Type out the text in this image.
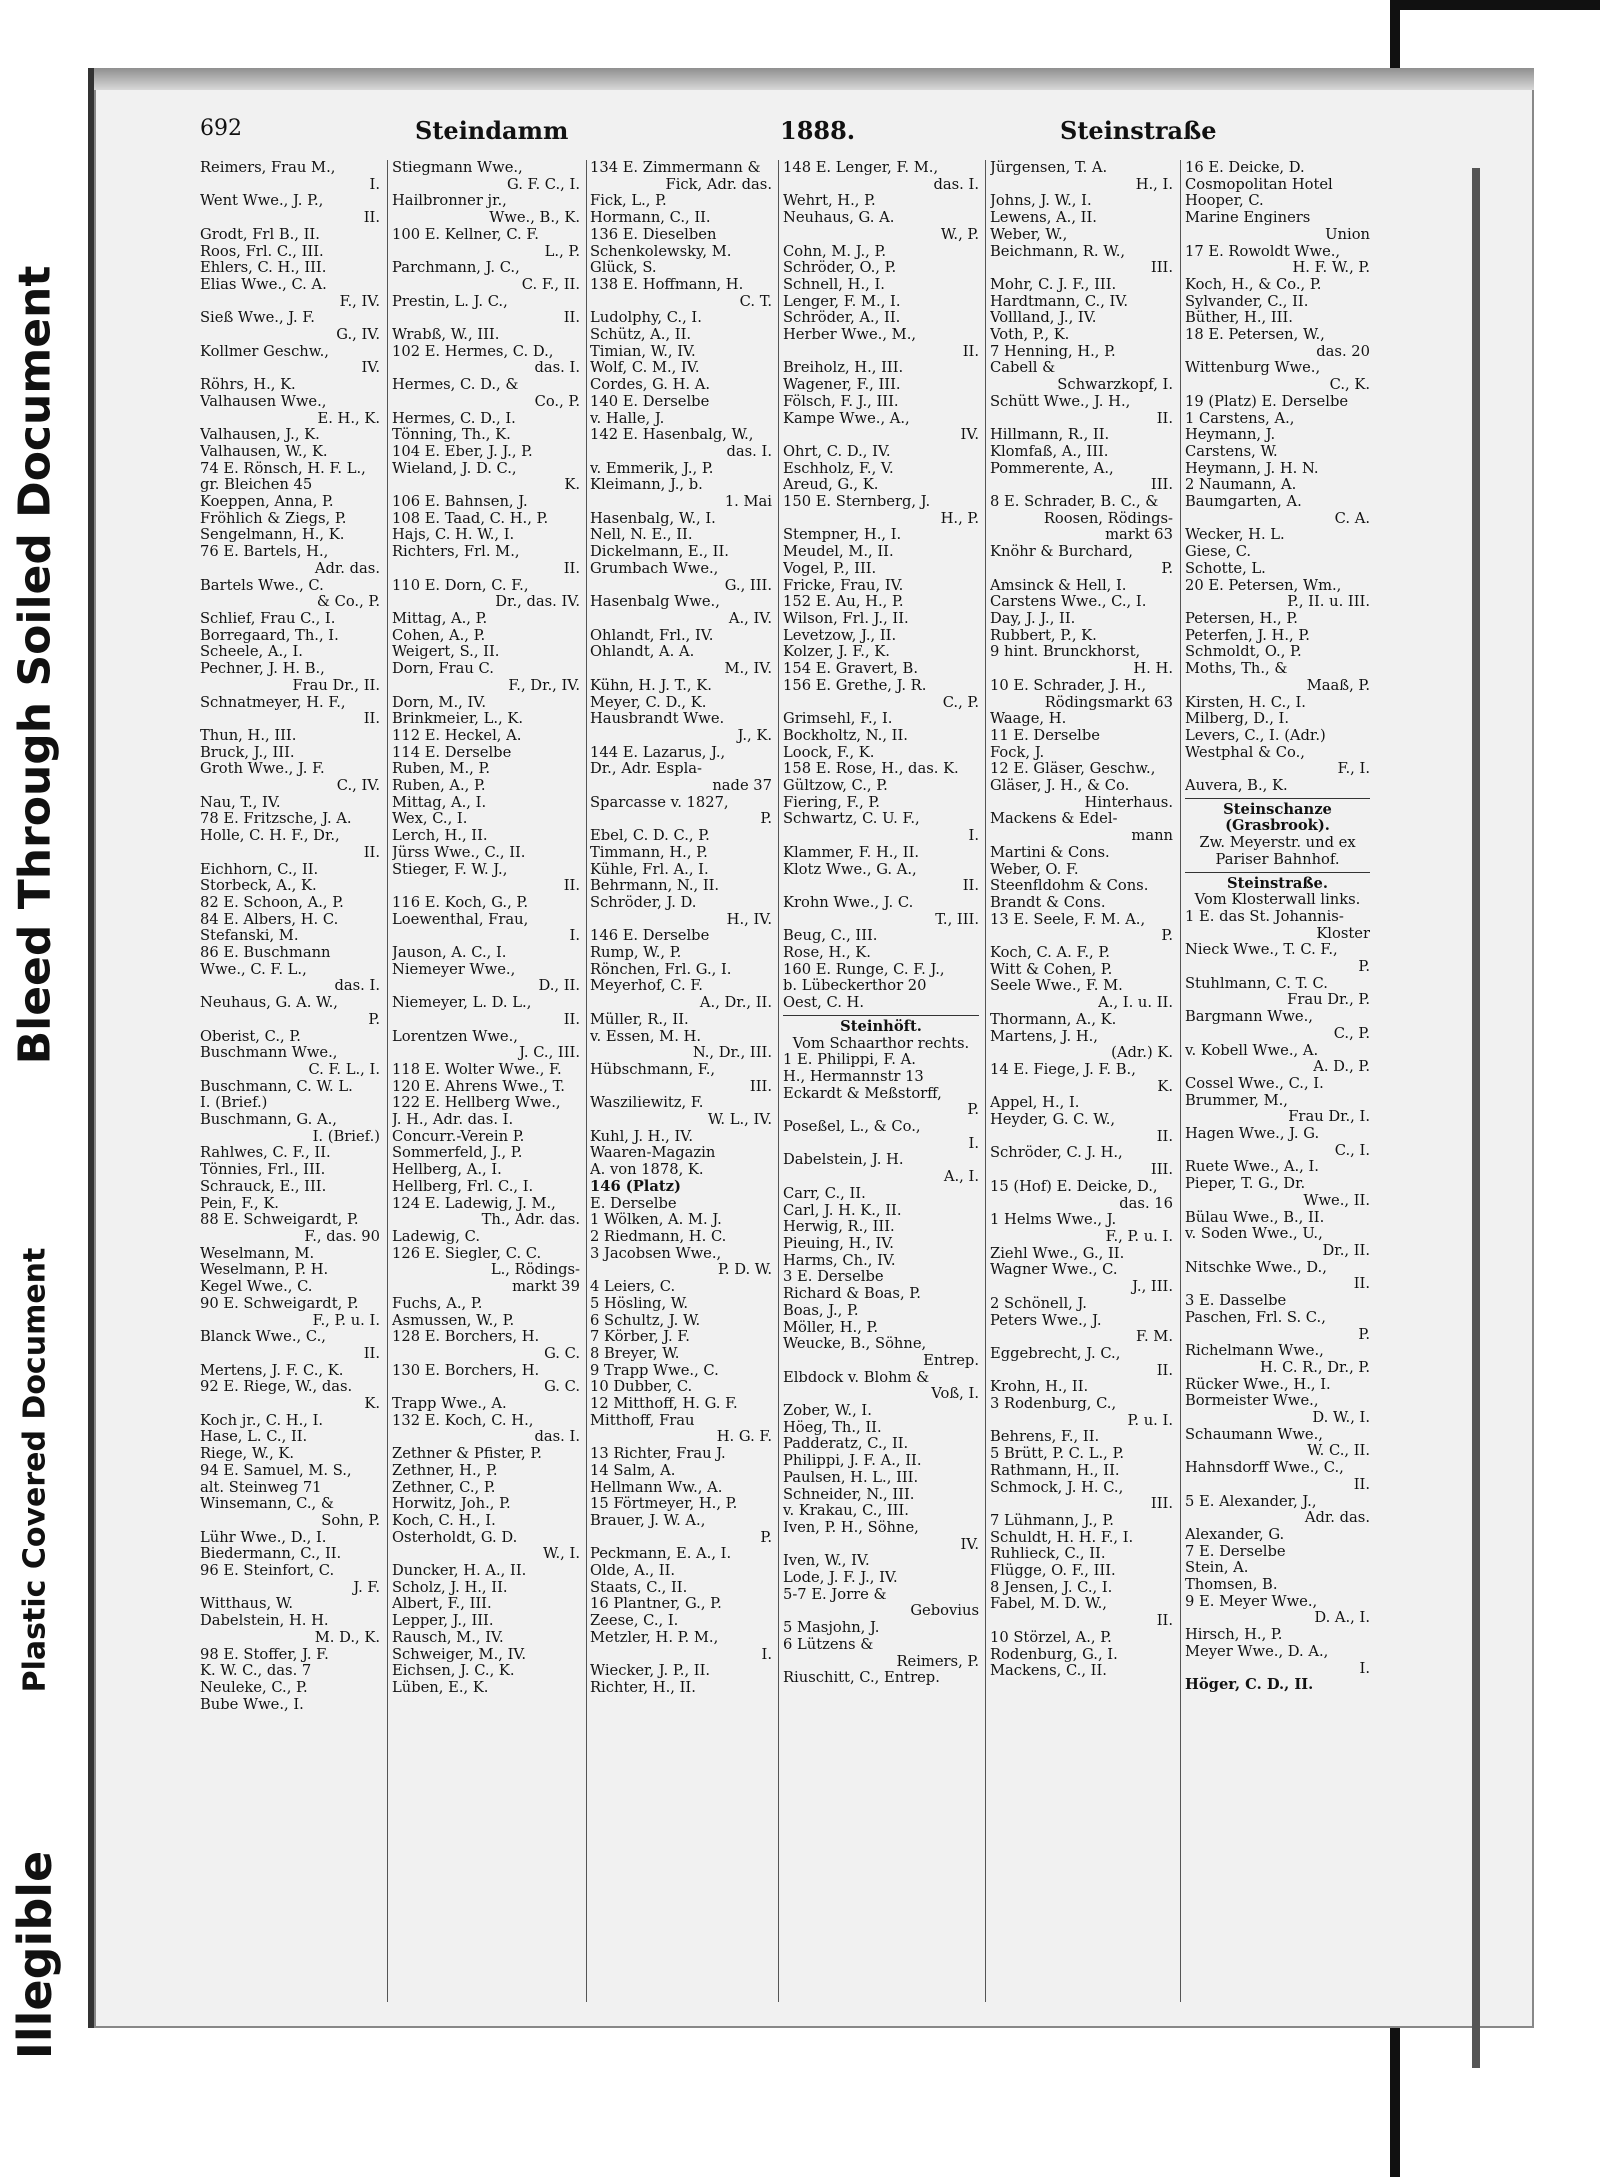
Illegible
Plastic Covered Document
Bleed Through Soiled Document
692	Steindamm	1888.	Steinstraße
Reimers, Frau M.,
I.
Went Wwe., J. P.,
II.
Grodt, Frl B., II.
Roos, Frl. C., III.
Ehlers, C. H., III.
Elias Wwe., C. A.
F., IV.
Sieß Wwe., J. F.
G., IV.
Kollmer Geschw.,
IV.
Röhrs, H., K.
Valhausen Wwe.,
E. H., K.
Valhausen, J., K.
Valhausen, W., K.
74 E. Rönsch, H. F. L.,
gr. Bleichen 45
Koeppen, Anna, P.
Fröhlich & Ziegs, P.
Sengelmann, H., K.
76 E. Bartels, H.,
Adr. das.
Bartels Wwe., C.
& Co., P.
Schlief, Frau C., I.
Borregaard, Th., I.
Scheele, A., I.
Pechner, J. H. B.,
Frau Dr., II.
Schnatmeyer, H. F.,
II.
Thun, H., III.
Bruck, J., III.
Groth Wwe., J. F.
C., IV.
Nau, T., IV.
78 E. Fritzsche, J. A.
Holle, C. H. F., Dr.,
II.
Eichhorn, C., II.
Storbeck, A., K.
82 E. Schoon, A., P.
84 E. Albers, H. C.
Stefanski, M.
86 E. Buschmann
Wwe., C. F. L.,
das. I.
Neuhaus, G. A. W.,
P.
Oberist, C., P.
Buschmann Wwe.,
C. F. L., I.
Buschmann, C. W. L.
I. (Brief.)
Buschmann, G. A.,
I. (Brief.)
Rahlwes, C. F., II.
Tönnies, Frl., III.
Schrauck, E., III.
Pein, F., K.
88 E. Schweigardt, P.
F., das. 90
Weselmann, M.
Weselmann, P. H.
Kegel Wwe., C.
90 E. Schweigardt, P.
F., P. u. I.
Blanck Wwe., C.,
II.
Mertens, J. F. C., K.
92 E. Riege, W., das.
K.
Koch jr., C. H., I.
Hase, L. C., II.
Riege, W., K.
94 E. Samuel, M. S.,
alt. Steinweg 71
Winsemann, C., &
Sohn, P.
Lühr Wwe., D., I.
Biedermann, C., II.
96 E. Steinfort, C.
J. F.
Witthaus, W.
Dabelstein, H. H.
M. D., K.
98 E. Stoffer, J. F.
K. W. C., das. 7
Neuleke, C., P.
Bube Wwe., I.
Stiegmann Wwe.,
G. F. C., I.
Hailbronner jr.,
Wwe., B., K.
100 E. Kellner, C. F.
L., P.
Parchmann, J. C.,
C. F., II.
Prestin, L. J. C.,
II.
Wrabß, W., III.
102 E. Hermes, C. D.,
das. I.
Hermes, C. D., &
Co., P.
Hermes, C. D., I.
Tönning, Th., K.
104 E. Eber, J. J., P.
Wieland, J. D. C.,
K.
106 E. Bahnsen, J.
108 E. Taad, C. H., P.
Hajs, C. H. W., I.
Richters, Frl. M.,
II.
110 E. Dorn, C. F.,
Dr., das. IV.
Mittag, A., P.
Cohen, A., P.
Weigert, S., II.
Dorn, Frau C.
F., Dr., IV.
Dorn, M., IV.
Brinkmeier, L., K.
112 E. Heckel, A.
114 E. Derselbe
Ruben, M., P.
Ruben, A., P.
Mittag, A., I.
Wex, C., I.
Lerch, H., II.
Jürss Wwe., C., II.
Stieger, F. W. J.,
II.
116 E. Koch, G., P.
Loewenthal, Frau,
I.
Jauson, A. C., I.
Niemeyer Wwe.,
D., II.
Niemeyer, L. D. L.,
II.
Lorentzen Wwe.,
J. C., III.
118 E. Wolter Wwe., F.
120 E. Ahrens Wwe., T.
122 E. Hellberg Wwe.,
J. H., Adr. das. I.
Concurr.-Verein P.
Sommerfeld, J., P.
Hellberg, A., I.
Hellberg, Frl. C., I.
124 E. Ladewig, J. M.,
Th., Adr. das.
Ladewig, C.
126 E. Siegler, C. C.
L., Rödings-
markt 39
Fuchs, A., P.
Asmussen, W., P.
128 E. Borchers, H.
G. C.
130 E. Borchers, H.
G. C.
Trapp Wwe., A.
132 E. Koch, C. H.,
das. I.
Zethner & Pfister, P.
Zethner, H., P.
Zethner, C., P.
Horwitz, Joh., P.
Koch, C. H., I.
Osterholdt, G. D.
W., I.
Duncker, H. A., II.
Scholz, J. H., II.
Albert, F., III.
Lepper, J., III.
Rausch, M., IV.
Schweiger, M., IV.
Eichsen, J. C., K.
Lüben, E., K.
134 E. Zimmermann &
Fick, Adr. das.
Fick, L., P.
Hormann, C., II.
136 E. Dieselben
Schenkolewsky, M.
Glück, S.
138 E. Hoffmann, H.
C. T.
Ludolphy, C., I.
Schütz, A., II.
Timian, W., IV.
Wolf, C. M., IV.
Cordes, G. H. A.
140 E. Derselbe
v. Halle, J.
142 E. Hasenbalg, W.,
das. I.
v. Emmerik, J., P.
Kleimann, J., b.
1. Mai
Hasenbalg, W., I.
Nell, N. E., II.
Dickelmann, E., II.
Grumbach Wwe.,
G., III.
Hasenbalg Wwe.,
A., IV.
Ohlandt, Frl., IV.
Ohlandt, A. A.
M., IV.
Kühn, H. J. T., K.
Meyer, C. D., K.
Hausbrandt Wwe.
J., K.
144 E. Lazarus, J.,
Dr., Adr. Espla-
nade 37
Sparcasse v. 1827,
P.
Ebel, C. D. C., P.
Timmann, H., P.
Kühle, Frl. A., I.
Behrmann, N., II.
Schröder, J. D.
H., IV.
146 E. Derselbe
Rump, W., P.
Rönchen, Frl. G., I.
Meyerhof, C. F.
A., Dr., II.
Müller, R., II.
v. Essen, M. H.
N., Dr., III.
Hübschmann, F.,
III.
Wasziliewitz, F.
W. L., IV.
Kuhl, J. H., IV.
Waaren-Magazin
A. von 1878, K.
146 (Platz)
E. Derselbe
1 Wölken, A. M. J.
2 Riedmann, H. C.
3 Jacobsen Wwe.,
P. D. W.
4 Leiers, C.
5 Hösling, W.
6 Schultz, J. W.
7 Körber, J. F.
8 Breyer, W.
9 Trapp Wwe., C.
10 Dubber, C.
12 Mitthoff, H. G. F.
Mitthoff, Frau
H. G. F.
13 Richter, Frau J.
14 Salm, A.
Hellmann Ww., A.
15 Förtmeyer, H., P.
Brauer, J. W. A.,
P.
Peckmann, E. A., I.
Olde, A., II.
Staats, C., II.
16 Plantner, G., P.
Zeese, C., I.
Metzler, H. P. M.,
I.
Wiecker, J. P., II.
Richter, H., II.
148 E. Lenger, F. M.,
das. I.
Wehrt, H., P.
Neuhaus, G. A.
W., P.
Cohn, M. J., P.
Schröder, O., P.
Schnell, H., I.
Lenger, F. M., I.
Schröder, A., II.
Herber Wwe., M.,
II.
Breiholz, H., III.
Wagener, F., III.
Fölsch, F. J., III.
Kampe Wwe., A.,
IV.
Ohrt, C. D., IV.
Eschholz, F., V.
Areud, G., K.
150 E. Sternberg, J.
H., P.
Stempner, H., I.
Meudel, M., II.
Vogel, P., III.
Fricke, Frau, IV.
152 E. Au, H., P.
Wilson, Frl. J., II.
Levetzow, J., II.
Kolzer, J. F., K.
154 E. Gravert, B.
156 E. Grethe, J. R.
C., P.
Grimsehl, F., I.
Bockholtz, N., II.
Loock, F., K.
158 E. Rose, H., das. K.
Gültzow, C., P.
Fiering, F., P.
Schwartz, C. U. F.,
I.
Klammer, F. H., II.
Klotz Wwe., G. A.,
II.
Krohn Wwe., J. C.
T., III.
Beug, C., III.
Rose, H., K.
160 E. Runge, C. F. J.,
b. Lübeckerthor 20
Oest, C. H.
Steinhöft.
Vom Schaarthor rechts.
1 E. Philippi, F. A.
H., Hermannstr 13
Eckardt & Meßstorff,
P.
Poseßel, L., & Co.,
I.
Dabelstein, J. H.
A., I.
Carr, C., II.
Carl, J. H. K., II.
Herwig, R., III.
Pieuing, H., IV.
Harms, Ch., IV.
3 E. Derselbe
Richard & Boas, P.
Boas, J., P.
Möller, H., P.
Weucke, B., Söhne,
Entrep.
Elbdock v. Blohm &
Voß, I.
Zober, W., I.
Höeg, Th., II.
Padderatz, C., II.
Philippi, J. F. A., II.
Paulsen, H. L., III.
Schneider, N., III.
v. Krakau, C., III.
Iven, P. H., Söhne,
IV.
Iven, W., IV.
Lode, J. F. J., IV.
5-7 E. Jorre &
Gebovius
5 Masjohn, J.
6 Lützens &
Reimers, P.
Riuschitt, C., Entrep.
Jürgensen, T. A.
H., I.
Johns, J. W., I.
Lewens, A., II.
Weber, W.,
Beichmann, R. W.,
III.
Mohr, C. J. F., III.
Hardtmann, C., IV.
Vollland, J., IV.
Voth, P., K.
7 Henning, H., P.
Cabell &
Schwarzkopf, I.
Schütt Wwe., J. H.,
II.
Hillmann, R., II.
Klomfaß, A., III.
Pommerente, A.,
III.
8 E. Schrader, B. C., &
Roosen, Rödings-
markt 63
Knöhr & Burchard,
P.
Amsinck & Hell, I.
Carstens Wwe., C., I.
Day, J. J., II.
Rubbert, P., K.
9 hint. Brunckhorst,
H. H.
10 E. Schrader, J. H.,
Rödingsmarkt 63
Waage, H.
11 E. Derselbe
Fock, J.
12 E. Gläser, Geschw.,
Gläser, J. H., & Co.
Hinterhaus.
Mackens & Edel-
mann
Martini & Cons.
Weber, O. F.
Steenfldohm & Cons.
Brandt & Cons.
13 E. Seele, F. M. A.,
P.
Koch, C. A. F., P.
Witt & Cohen, P.
Seele Wwe., F. M.
A., I. u. II.
Thormann, A., K.
Martens, J. H.,
(Adr.) K.
14 E. Fiege, J. F. B.,
K.
Appel, H., I.
Heyder, G. C. W.,
II.
Schröder, C. J. H.,
III.
15 (Hof) E. Deicke, D.,
das. 16
1 Helms Wwe., J.
F., P. u. I.
Ziehl Wwe., G., II.
Wagner Wwe., C.
J., III.
2 Schönell, J.
Peters Wwe., J.
F. M.
Eggebrecht, J. C.,
II.
Krohn, H., II.
3 Rodenburg, C.,
P. u. I.
Behrens, F., II.
5 Brütt, P. C. L., P.
Rathmann, H., II.
Schmock, J. H. C.,
III.
7 Lühmann, J., P.
Schuldt, H. H. F., I.
Ruhlieck, C., II.
Flügge, O. F., III.
8 Jensen, J. C., I.
Fabel, M. D. W.,
II.
10 Störzel, A., P.
Rodenburg, G., I.
Mackens, C., II.
16 E. Deicke, D.
Cosmopolitan Hotel
Hooper, C.
Marine Enginers
Union
17 E. Rowoldt Wwe.,
H. F. W., P.
Koch, H., & Co., P.
Sylvander, C., II.
Büther, H., III.
18 E. Petersen, W.,
das. 20
Wittenburg Wwe.,
C., K.
19 (Platz) E. Derselbe
1 Carstens, A.,
Heymann, J.
Carstens, W.
Heymann, J. H. N.
2 Naumann, A.
Baumgarten, A.
C. A.
Wecker, H. L.
Giese, C.
Schotte, L.
20 E. Petersen, Wm.,
P., II. u. III.
Petersen, H., P.
Peterfen, J. H., P.
Schmoldt, O., P.
Moths, Th., &
Maaß, P.
Kirsten, H. C., I.
Milberg, D., I.
Levers, C., I. (Adr.)
Westphal & Co.,
F., I.
Auvera, B., K.
Steinschanze
(Grasbrook).
Zw. Meyerstr. und ex
Pariser Bahnhof.
Steinstraße.
Vom Klosterwall links.
1 E. das St. Johannis-
Kloster
Nieck Wwe., T. C. F.,
P.
Stuhlmann, C. T. C.
Frau Dr., P.
Bargmann Wwe.,
C., P.
v. Kobell Wwe., A.
A. D., P.
Cossel Wwe., C., I.
Brummer, M.,
Frau Dr., I.
Hagen Wwe., J. G.
C., I.
Ruete Wwe., A., I.
Pieper, T. G., Dr.
Wwe., II.
Bülau Wwe., B., II.
v. Soden Wwe., U.,
Dr., II.
Nitschke Wwe., D.,
II.
3 E. Dasselbe
Paschen, Frl. S. C.,
P.
Richelmann Wwe.,
H. C. R., Dr., P.
Rücker Wwe., H., I.
Bormeister Wwe.,
D. W., I.
Schaumann Wwe.,
W. C., II.
Hahnsdorff Wwe., C.,
II.
5 E. Alexander, J.,
Adr. das.
Alexander, G.
7 E. Derselbe
Stein, A.
Thomsen, B.
9 E. Meyer Wwe.,
D. A., I.
Hirsch, H., P.
Meyer Wwe., D. A.,
I.
Höger, C. D., II.
